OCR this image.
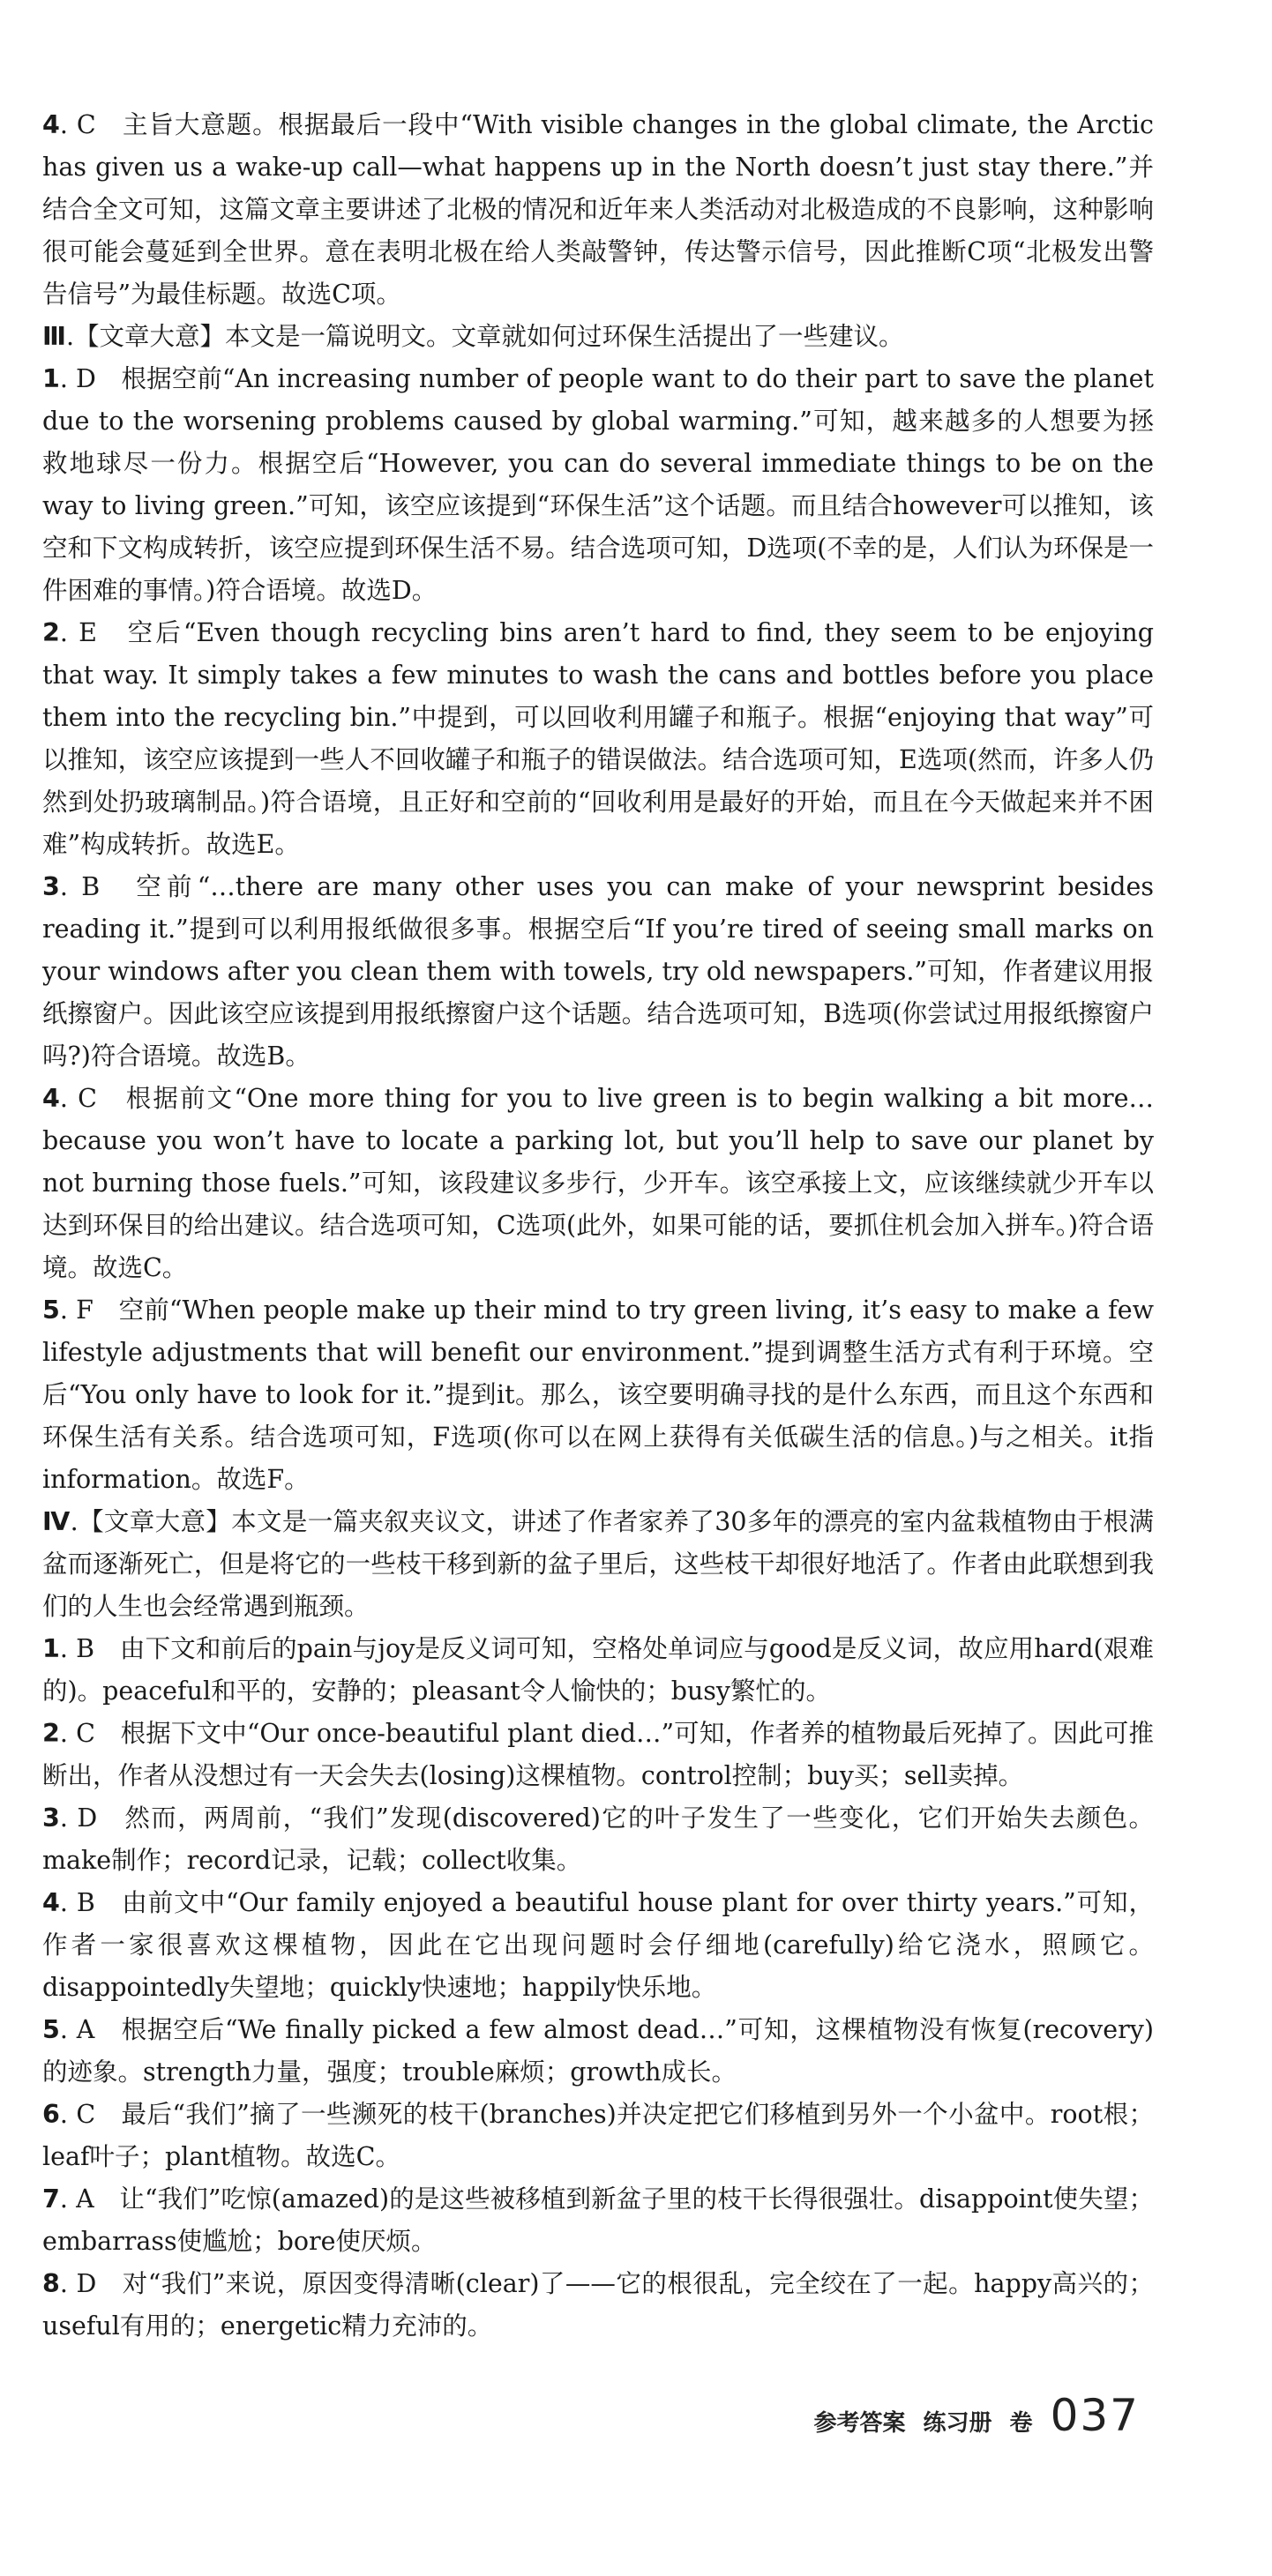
4. C　主旨大意题。根据最后一段中“With visible changes in the global climate, the Arctic has given us a wake-up call—what happens up in the North doesn’t just stay there.”并结合全文可知，这篇文章主要讲述了北极的情况和近年来人类活动对北极造成的不良影响，这种影响很可能会蔓延到全世界。意在表明北极在给人类敲警钟，传达警示信号，因此推断C项“北极发出警告信号”为最佳标题。故选C项。

Ⅲ.【文章大意】本文是一篇说明文。文章就如何过环保生活提出了一些建议。

1. D　根据空前“An increasing number of people want to do their part to save the planet due to the worsening problems caused by global warming.”可知，越来越多的人想要为拯救地球尽一份力。根据空后“However, you can do several immediate things to be on the way to living green.”可知，该空应该提到“环保生活”这个话题。而且结合however可以推知，该空和下文构成转折，该空应提到环保生活不易。结合选项可知，D选项(不幸的是，人们认为环保是一件困难的事情。)符合语境。故选D。

2. E　空后“Even though recycling bins aren’t hard to find, they seem to be enjoying that way. It simply takes a few minutes to wash the cans and bottles before you place them into the recycling bin.”中提到，可以回收利用罐子和瓶子。根据“enjoying that way”可以推知，该空应该提到一些人不回收罐子和瓶子的错误做法。结合选项可知，E选项(然而，许多人仍然到处扔玻璃制品。)符合语境，且正好和空前的“回收利用是最好的开始，而且在今天做起来并不困难”构成转折。故选E。

3. B　空前“…there are many other uses you can make of your newsprint besides reading it.”提到可以利用报纸做很多事。根据空后“If you’re tired of seeing small marks on your windows after you clean them with towels, try old newspapers.”可知，作者建议用报纸擦窗户。因此该空应该提到用报纸擦窗户这个话题。结合选项可知，B选项(你尝试过用报纸擦窗户吗?)符合语境。故选B。

4. C　根据前文“One more thing for you to live green is to begin walking a bit more… because you won’t have to locate a parking lot, but you’ll help to save our planet by not burning those fuels.”可知，该段建议多步行，少开车。该空承接上文，应该继续就少开车以达到环保目的给出建议。结合选项可知，C选项(此外，如果可能的话，要抓住机会加入拼车。)符合语境。故选C。

5. F　空前“When people make up their mind to try green living, it’s easy to make a few lifestyle adjustments that will benefit our environment.”提到调整生活方式有利于环境。空后“You only have to look for it.”提到it。那么，该空要明确寻找的是什么东西，而且这个东西和环保生活有关系。结合选项可知，F选项(你可以在网上获得有关低碳生活的信息。)与之相关。it指information。故选F。

Ⅳ.【文章大意】本文是一篇夹叙夹议文，讲述了作者家养了30多年的漂亮的室内盆栽植物由于根满盆而逐渐死亡，但是将它的一些枝干移到新的盆子里后，这些枝干却很好地活了。作者由此联想到我们的人生也会经常遇到瓶颈。

1. B　由下文和前后的pain与joy是反义词可知，空格处单词应与good是反义词，故应用hard(艰难的)。peaceful和平的，安静的；pleasant令人愉快的；busy繁忙的。

2. C　根据下文中“Our once-beautiful plant died…”可知，作者养的植物最后死掉了。因此可推断出，作者从没想过有一天会失去(losing)这棵植物。control控制；buy买；sell卖掉。

3. D　然而，两周前，“我们”发现(discovered)它的叶子发生了一些变化，它们开始失去颜色。make制作；record记录，记载；collect收集。

4. B　由前文中“Our family enjoyed a beautiful house plant for over thirty years.”可知，作者一家很喜欢这棵植物，因此在它出现问题时会仔细地(carefully)给它浇水，照顾它。disappointedly失望地；quickly快速地；happily快乐地。

5. A　根据空后“We finally picked a few almost dead…”可知，这棵植物没有恢复(recovery)的迹象。strength力量，强度；trouble麻烦；growth成长。

6. C　最后“我们”摘了一些濒死的枝干(branches)并决定把它们移植到另外一个小盆中。root根；leaf叶子；plant植物。故选C。

7. A　让“我们”吃惊(amazed)的是这些被移植到新盆子里的枝干长得很强壮。disappoint使失望；embarrass使尴尬；bore使厌烦。

8. D　对“我们”来说，原因变得清晰(clear)了——它的根很乱，完全绞在了一起。happy高兴的；useful有用的；energetic精力充沛的。

参考答案 练习册 卷 037
